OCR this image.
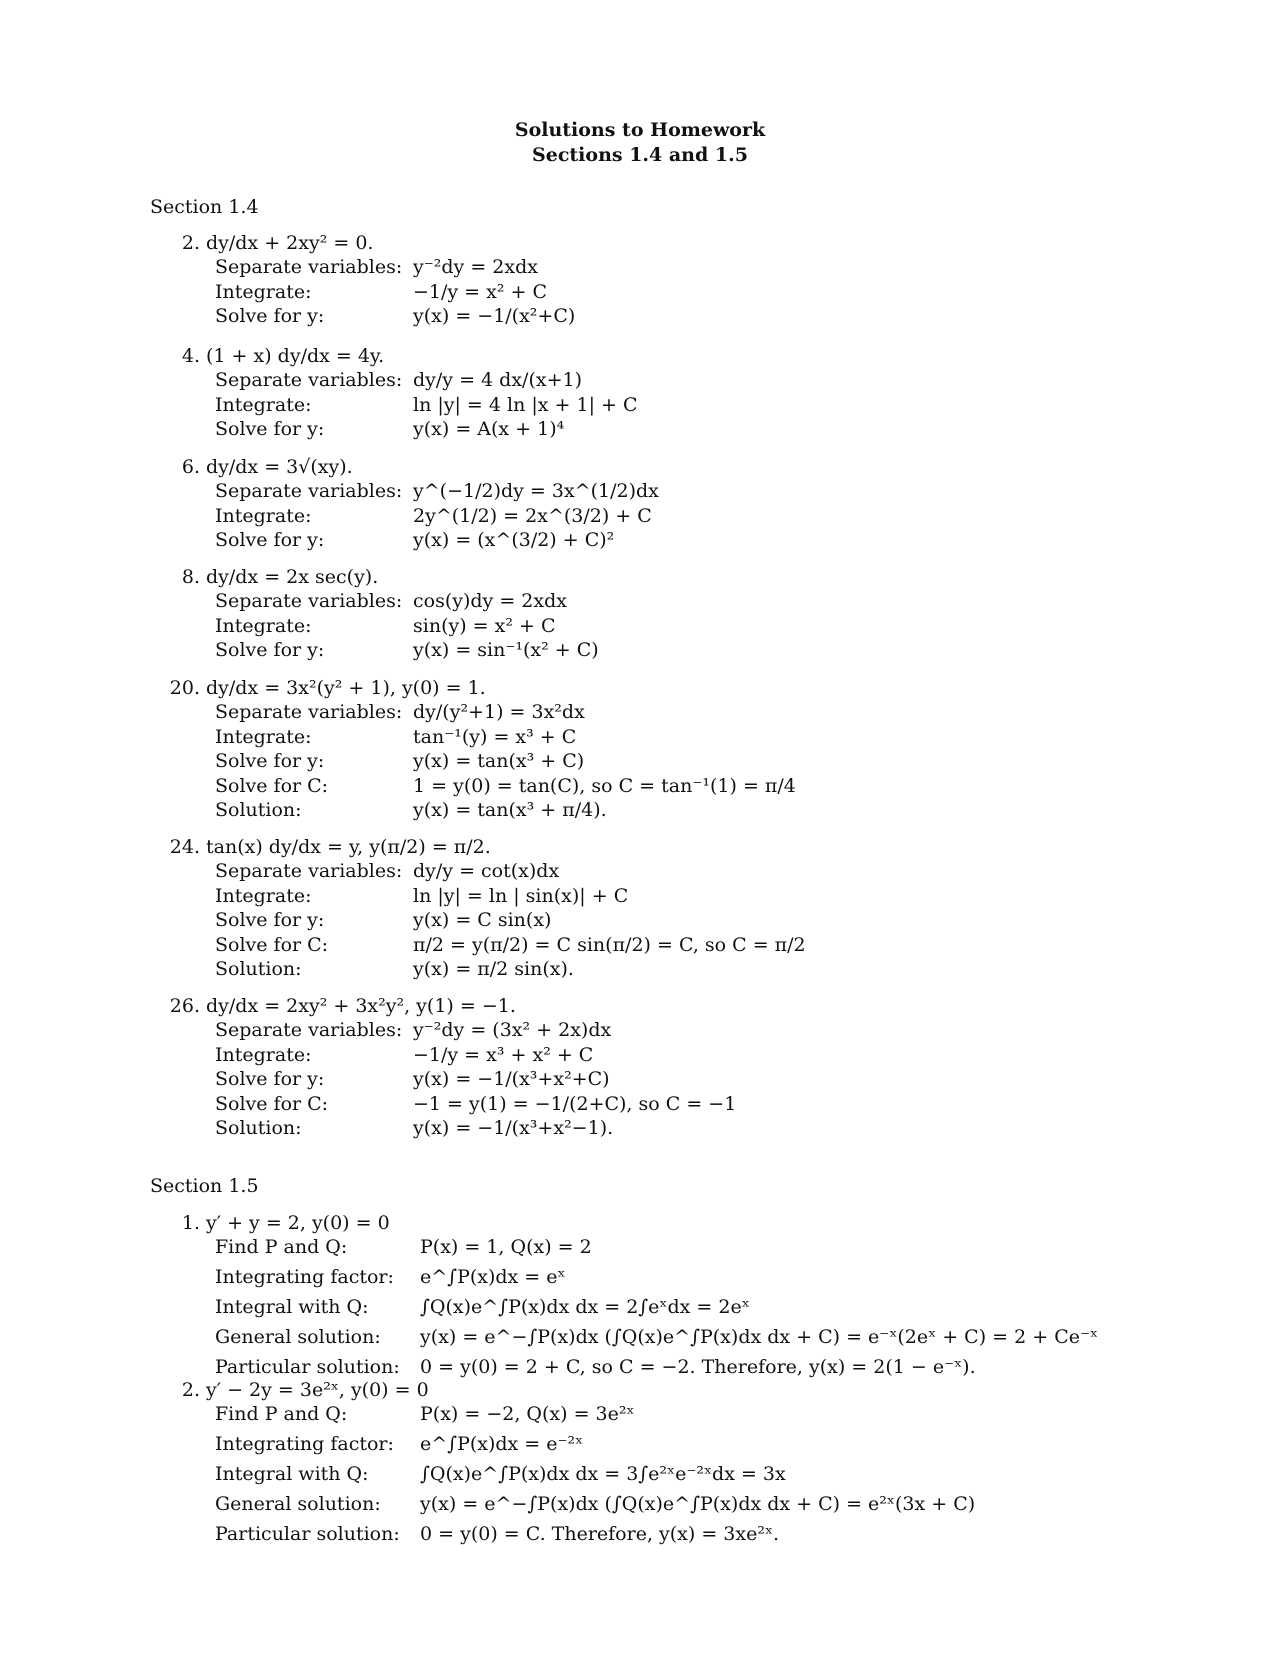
Solutions to Homework
Sections 1.4 and 1.5
Section 1.4
2. dy/dx + 2xy² = 0.
Separate variables: y⁻²dy = 2xdx
Integrate:	−1/y = x² + C
Solve for y:	y(x) = −1/(x²+C)
4. (1 + x) dy/dx = 4y.
Separate variables: dy/y = 4 dx/(x+1)
Integrate:	ln |y| = 4 ln |x + 1| + C
Solve for y:	y(x) = A(x + 1)⁴
6. dy/dx = 3√(xy).
Separate variables: y^(−1/2)dy = 3x^(1/2)dx
Integrate:	2y^(1/2) = 2x^(3/2) + C
Solve for y:	y(x) = (x^(3/2) + C)²
8. dy/dx = 2x sec(y).
Separate variables: cos(y)dy = 2xdx
Integrate:	sin(y) = x² + C
Solve for y:	y(x) = sin⁻¹(x² + C)
20. dy/dx = 3x²(y² + 1), y(0) = 1.
Separate variables: dy/(y²+1) = 3x²dx
Integrate:	tan⁻¹(y) = x³ + C
Solve for y:	y(x) = tan(x³ + C)
Solve for C:	1 = y(0) = tan(C), so C = tan⁻¹(1) = π/4
Solution:	y(x) = tan(x³ + π/4).
24. tan(x) dy/dx = y, y(π/2) = π/2.
Separate variables: dy/y = cot(x)dx
Integrate:	ln |y| = ln | sin(x)| + C
Solve for y:	y(x) = C sin(x)
Solve for C:	π/2 = y(π/2) = C sin(π/2) = C, so C = π/2
Solution:	y(x) = π/2 sin(x).
26. dy/dx = 2xy² + 3x²y², y(1) = −1.
Separate variables: y⁻²dy = (3x² + 2x)dx
Integrate:	−1/y = x³ + x² + C
Solve for y:	y(x) = −1/(x³+x²+C)
Solve for C:	−1 = y(1) = −1/(2+C), so C = −1
Solution:	y(x) = −1/(x³+x²−1).
Section 1.5
1. y′ + y = 2, y(0) = 0
Find P and Q:	P(x) = 1, Q(x) = 2
Integrating factor: e^∫P(x)dx = eˣ
Integral with Q:	∫Q(x)e^∫P(x)dx dx = 2∫eˣdx = 2eˣ
General solution: y(x) = e^−∫P(x)dx (∫Q(x)e^∫P(x)dx dx + C) = e⁻ˣ(2eˣ + C) = 2 + Ce⁻ˣ
Particular solution: 0 = y(0) = 2 + C, so C = −2. Therefore, y(x) = 2(1 − e⁻ˣ).
2. y′ − 2y = 3e²ˣ, y(0) = 0
Find P and Q:	P(x) = −2, Q(x) = 3e²ˣ
Integrating factor: e^∫P(x)dx = e⁻²ˣ
Integral with Q:	∫Q(x)e^∫P(x)dx dx = 3∫e²ˣe⁻²ˣdx = 3x
General solution: y(x) = e^−∫P(x)dx (∫Q(x)e^∫P(x)dx dx + C) = e²ˣ(3x + C)
Particular solution: 0 = y(0) = C. Therefore, y(x) = 3xe²ˣ.
